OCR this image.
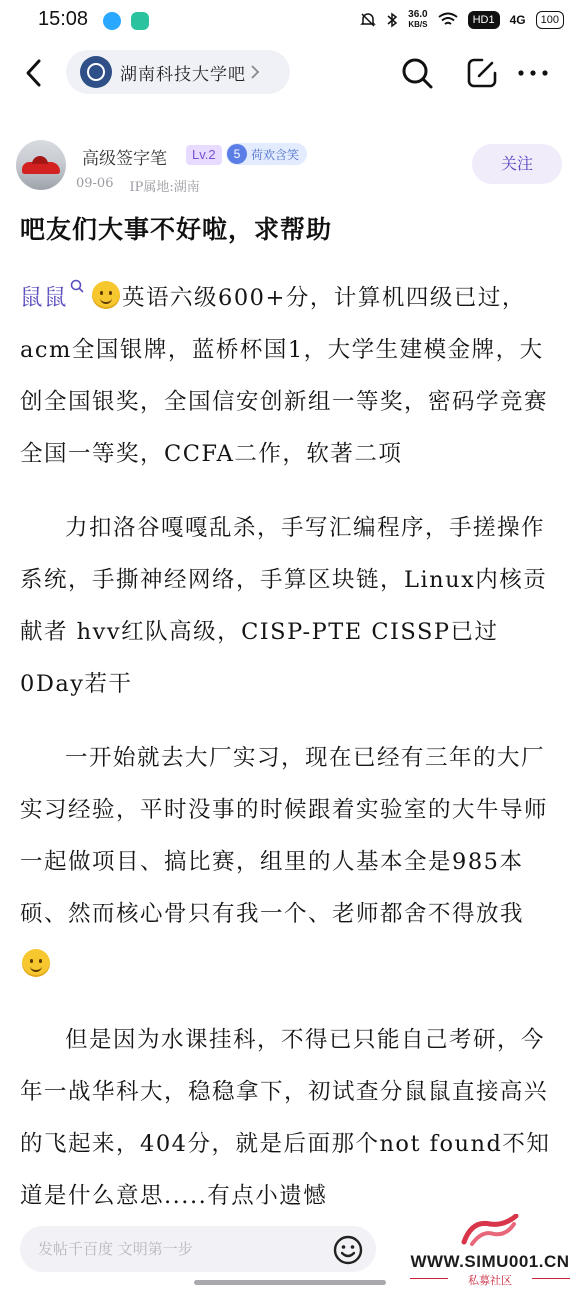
15:08	36.0
KB/S	HD1	4G	100
湖南科技大学吧
高级签字笔	Lv.2	5 荷欢含笑
09-06 IP属地:湖南
关注
吧友们大事不好啦，求帮助

鼠鼠 英语六级600+分，计算机四级已过，acm全国银牌，蓝桥杯国1，大学生建模金牌，大创全国银奖，全国信安创新组一等奖，密码学竞赛全国一等奖，CCFA二作，软著二项

力扣洛谷嘎嘎乱杀，手写汇编程序，手搓操作系统，手撕神经网络，手算区块链，Linux内核贡献者 hvv红队高级，CISP-PTE CISSP已过 0Day若干

一开始就去大厂实习，现在已经有三年的大厂实习经验，平时没事的时候跟着实验室的大牛导师一起做项目、搞比赛，组里的人基本全是985本硕、然而核心骨只有我一个、老师都舍不得放我

但是因为水课挂科，不得已只能自己考研，今年一战华科大，稳稳拿下，初试查分鼠鼠直接高兴的飞起来，404分，就是后面那个not found不知道是什么意思.....有点小遗憾

发帖千百度 文明第一步
WWW.SIMU001.CN
私募社区
